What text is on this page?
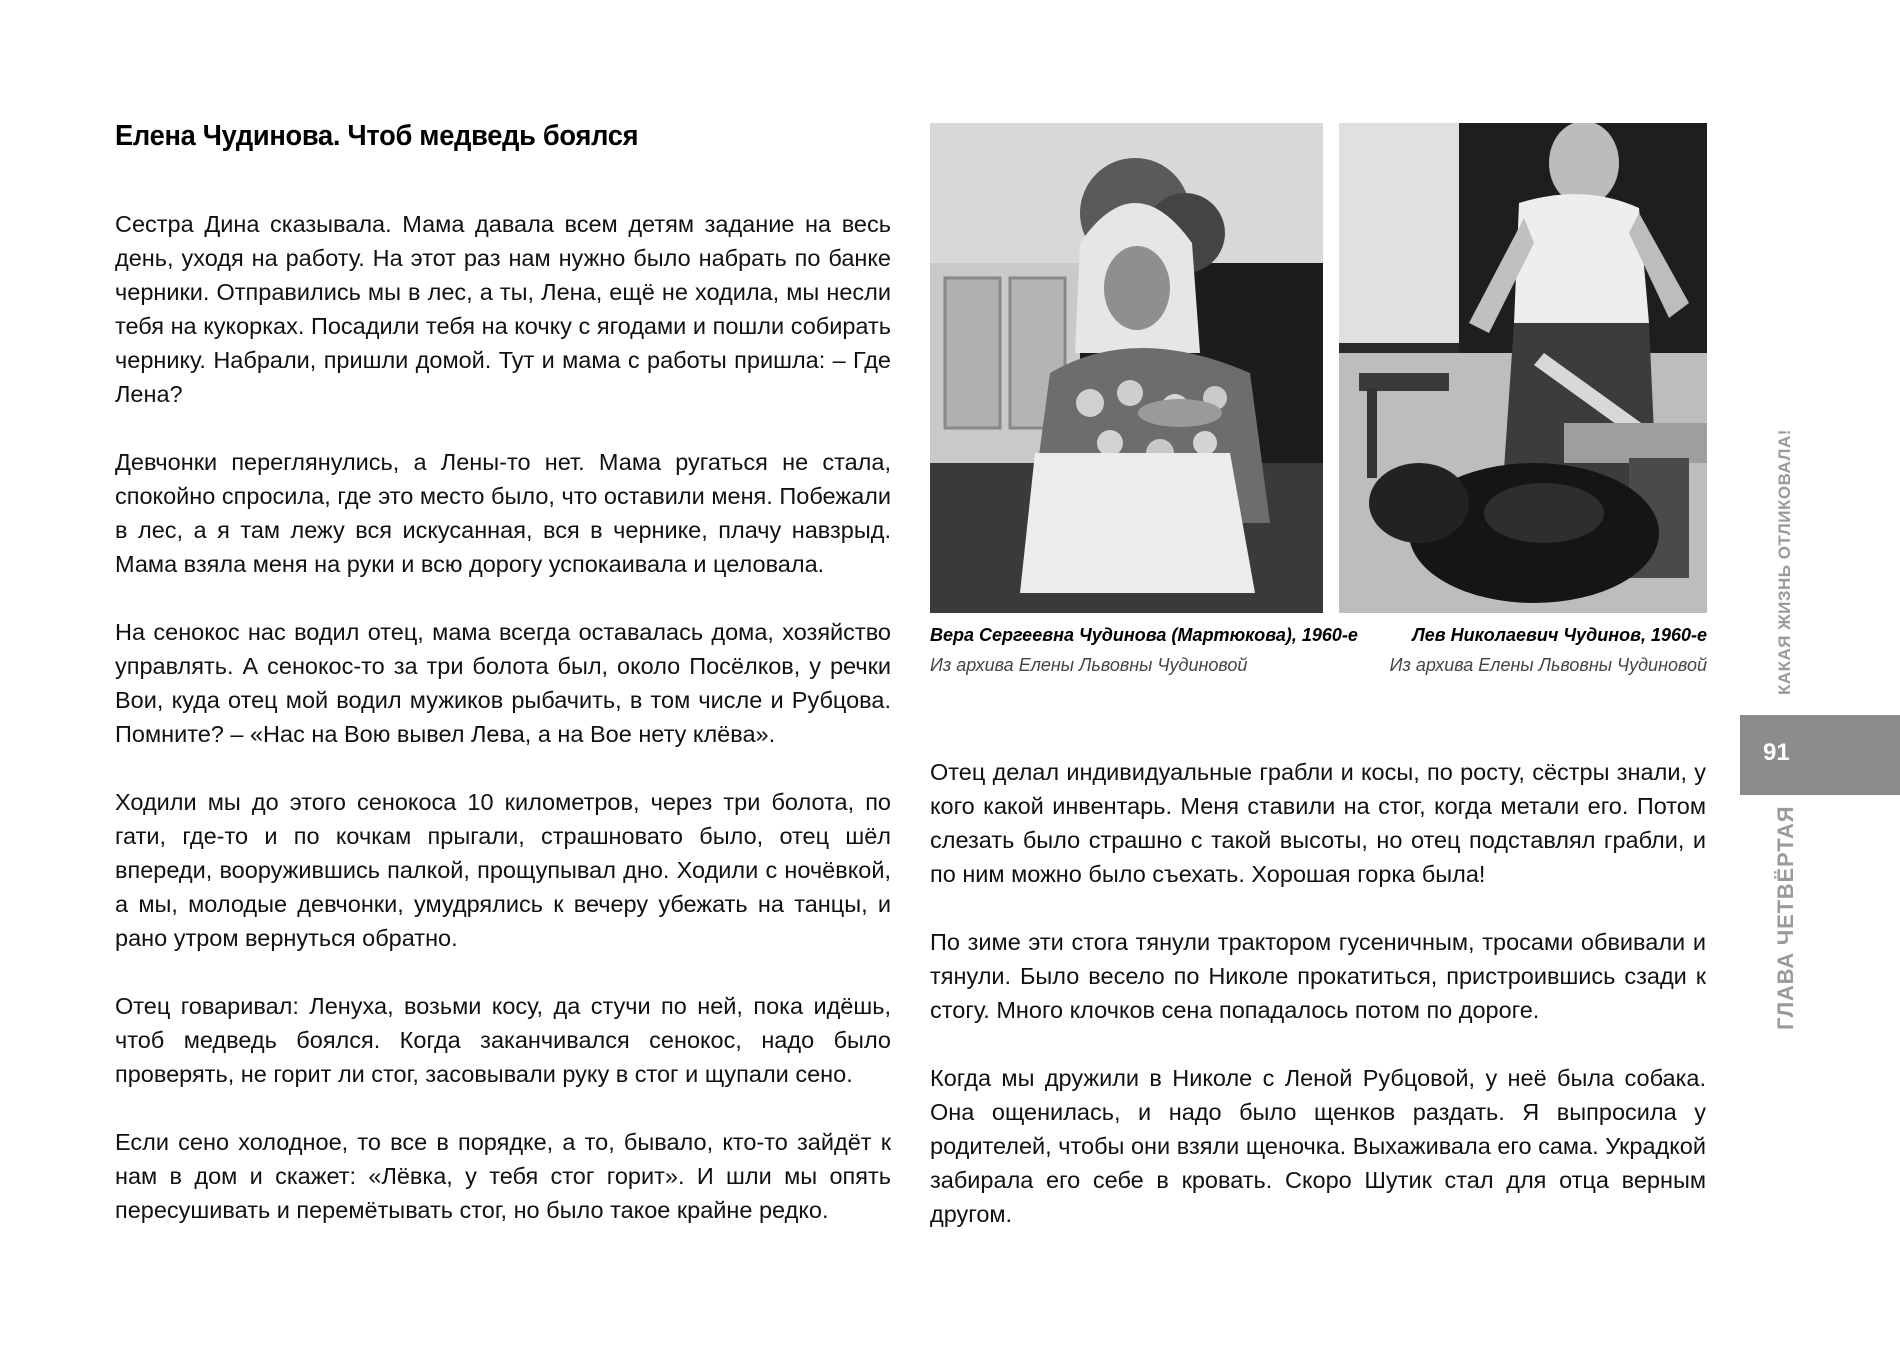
Елена Чудинова. Чтоб медведь боялся

Сестра Дина сказывала. Мама давала всем детям задание на весь день, уходя на работу. На этот раз нам нужно было набрать по банке черники. Отправились мы в лес, а ты, Лена, ещё не ходила, мы несли тебя на кукорках. Посадили тебя на кочку с ягодами и пошли собирать чернику. Набрали, пришли домой. Тут и мама с работы пришла: – Где Лена?

Девчонки переглянулись, а Лены-то нет. Мама ругаться не стала, спокойно спросила, где это место было, что оставили меня. Побежали в лес, а я там лежу вся искусанная, вся в чернике, плачу навзрыд. Мама взяла меня на руки и всю дорогу успокаивала и целовала.

На сенокос нас водил отец, мама всегда оставалась дома, хозяйство управлять. А сенокос-то за три болота был, около Посёлков, у речки Вои, куда отец мой водил мужиков рыбачить, в том числе и Рубцова. Помните? – «Нас на Вою вывел Лева, а на Вое нету клёва».

Ходили мы до этого сенокоса 10 километров, через три болота, по гати, где-то и по кочкам прыгали, страшновато было, отец шёл впереди, вооружившись палкой, прощупывал дно. Ходили с ночёвкой, а мы, молодые девчонки, умудрялись к вечеру убежать на танцы, и рано утром вернуться обратно.

Отец говаривал: Ленуха, возьми косу, да стучи по ней, пока идёшь, чтоб медведь боялся. Когда заканчивался сенокос, надо было проверять, не горит ли стог, засовывали руку в стог и щупали сено.

Если сено холодное, то все в порядке, а то, бывало, кто-то зайдёт к нам в дом и скажет: «Лёвка, у тебя стог горит». И шли мы опять пересушивать и перемётывать стог, но было такое крайне редко.

Вера Сергеевна Чудинова (Мартюкова), 1960-е
Из архива Елены Львовны Чудиновой
Лев Николаевич Чудинов, 1960-е
Из архива Елены Львовны Чудиновой

Отец делал индивидуальные грабли и косы, по росту, сёстры знали, у кого какой инвентарь. Меня ставили на стог, когда метали его. Потом слезать было страшно с такой высоты, но отец подставлял грабли, и по ним можно было съехать. Хорошая горка была!

По зиме эти стога тянули трактором гусеничным, тросами обвивали и тянули. Было весело по Николе прокатиться, пристроившись сзади к стогу. Много клочков сена попадалось потом по дороге.

Когда мы дружили в Николе с Леной Рубцовой, у неё была собака. Она ощенилась, и надо было щенков раздать. Я выпросила у родителей, чтобы они взяли щеночка. Выхаживала его сама. Украдкой забирала его себе в кровать. Скоро Шутик стал для отца верным другом.

КАКАЯ ЖИЗНЬ ОТЛИКОВАЛА!
91
ГЛАВА ЧЕТВЁРТАЯ
